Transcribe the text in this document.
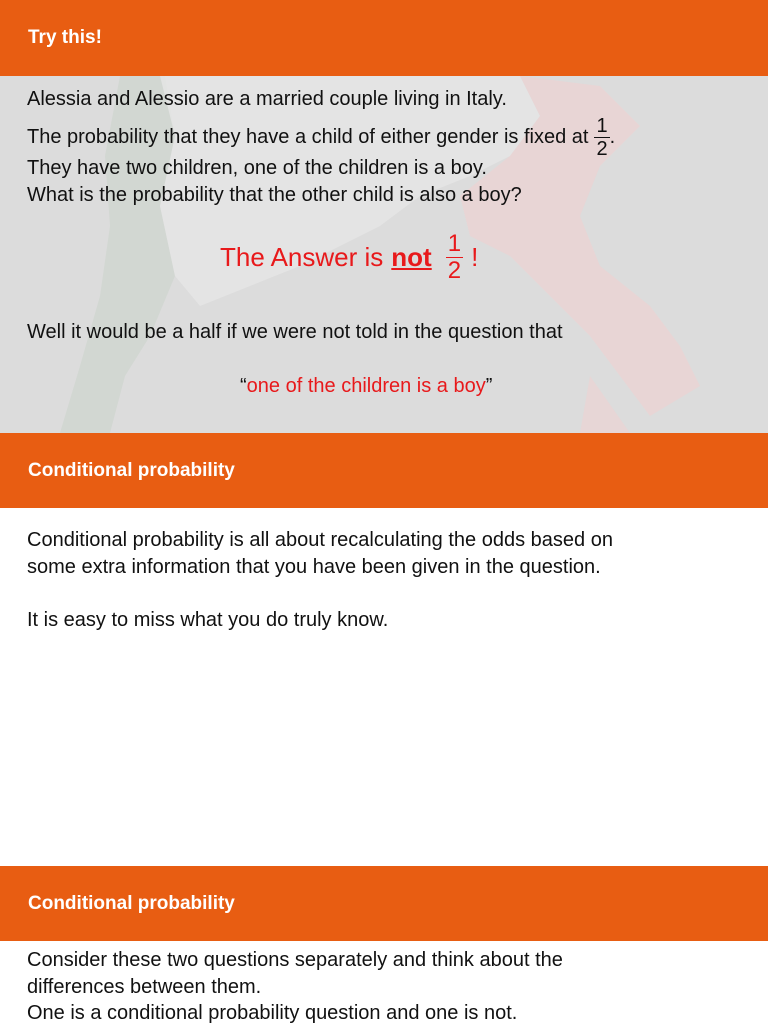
Try this!
Alessia and Alessio are a married couple living in Italy.
The probability that they have a child of either gender is fixed at $\frac{1}{2}$ .
They have two children, one of the children is a boy.
What is the probability that the other child is also a boy?
The Answer is not $\frac{1}{2}$ !
Well it would be a half if we were not told in the question that
“one of the children is a boy”
Conditional probability
Conditional probability is all about recalculating the odds based on
some extra information that you have been given in the question.
It is easy to miss what you do truly know.
Conditional probability
Consider these two questions separately and think about the
differences between them.
One is a conditional probability question and one is not.
